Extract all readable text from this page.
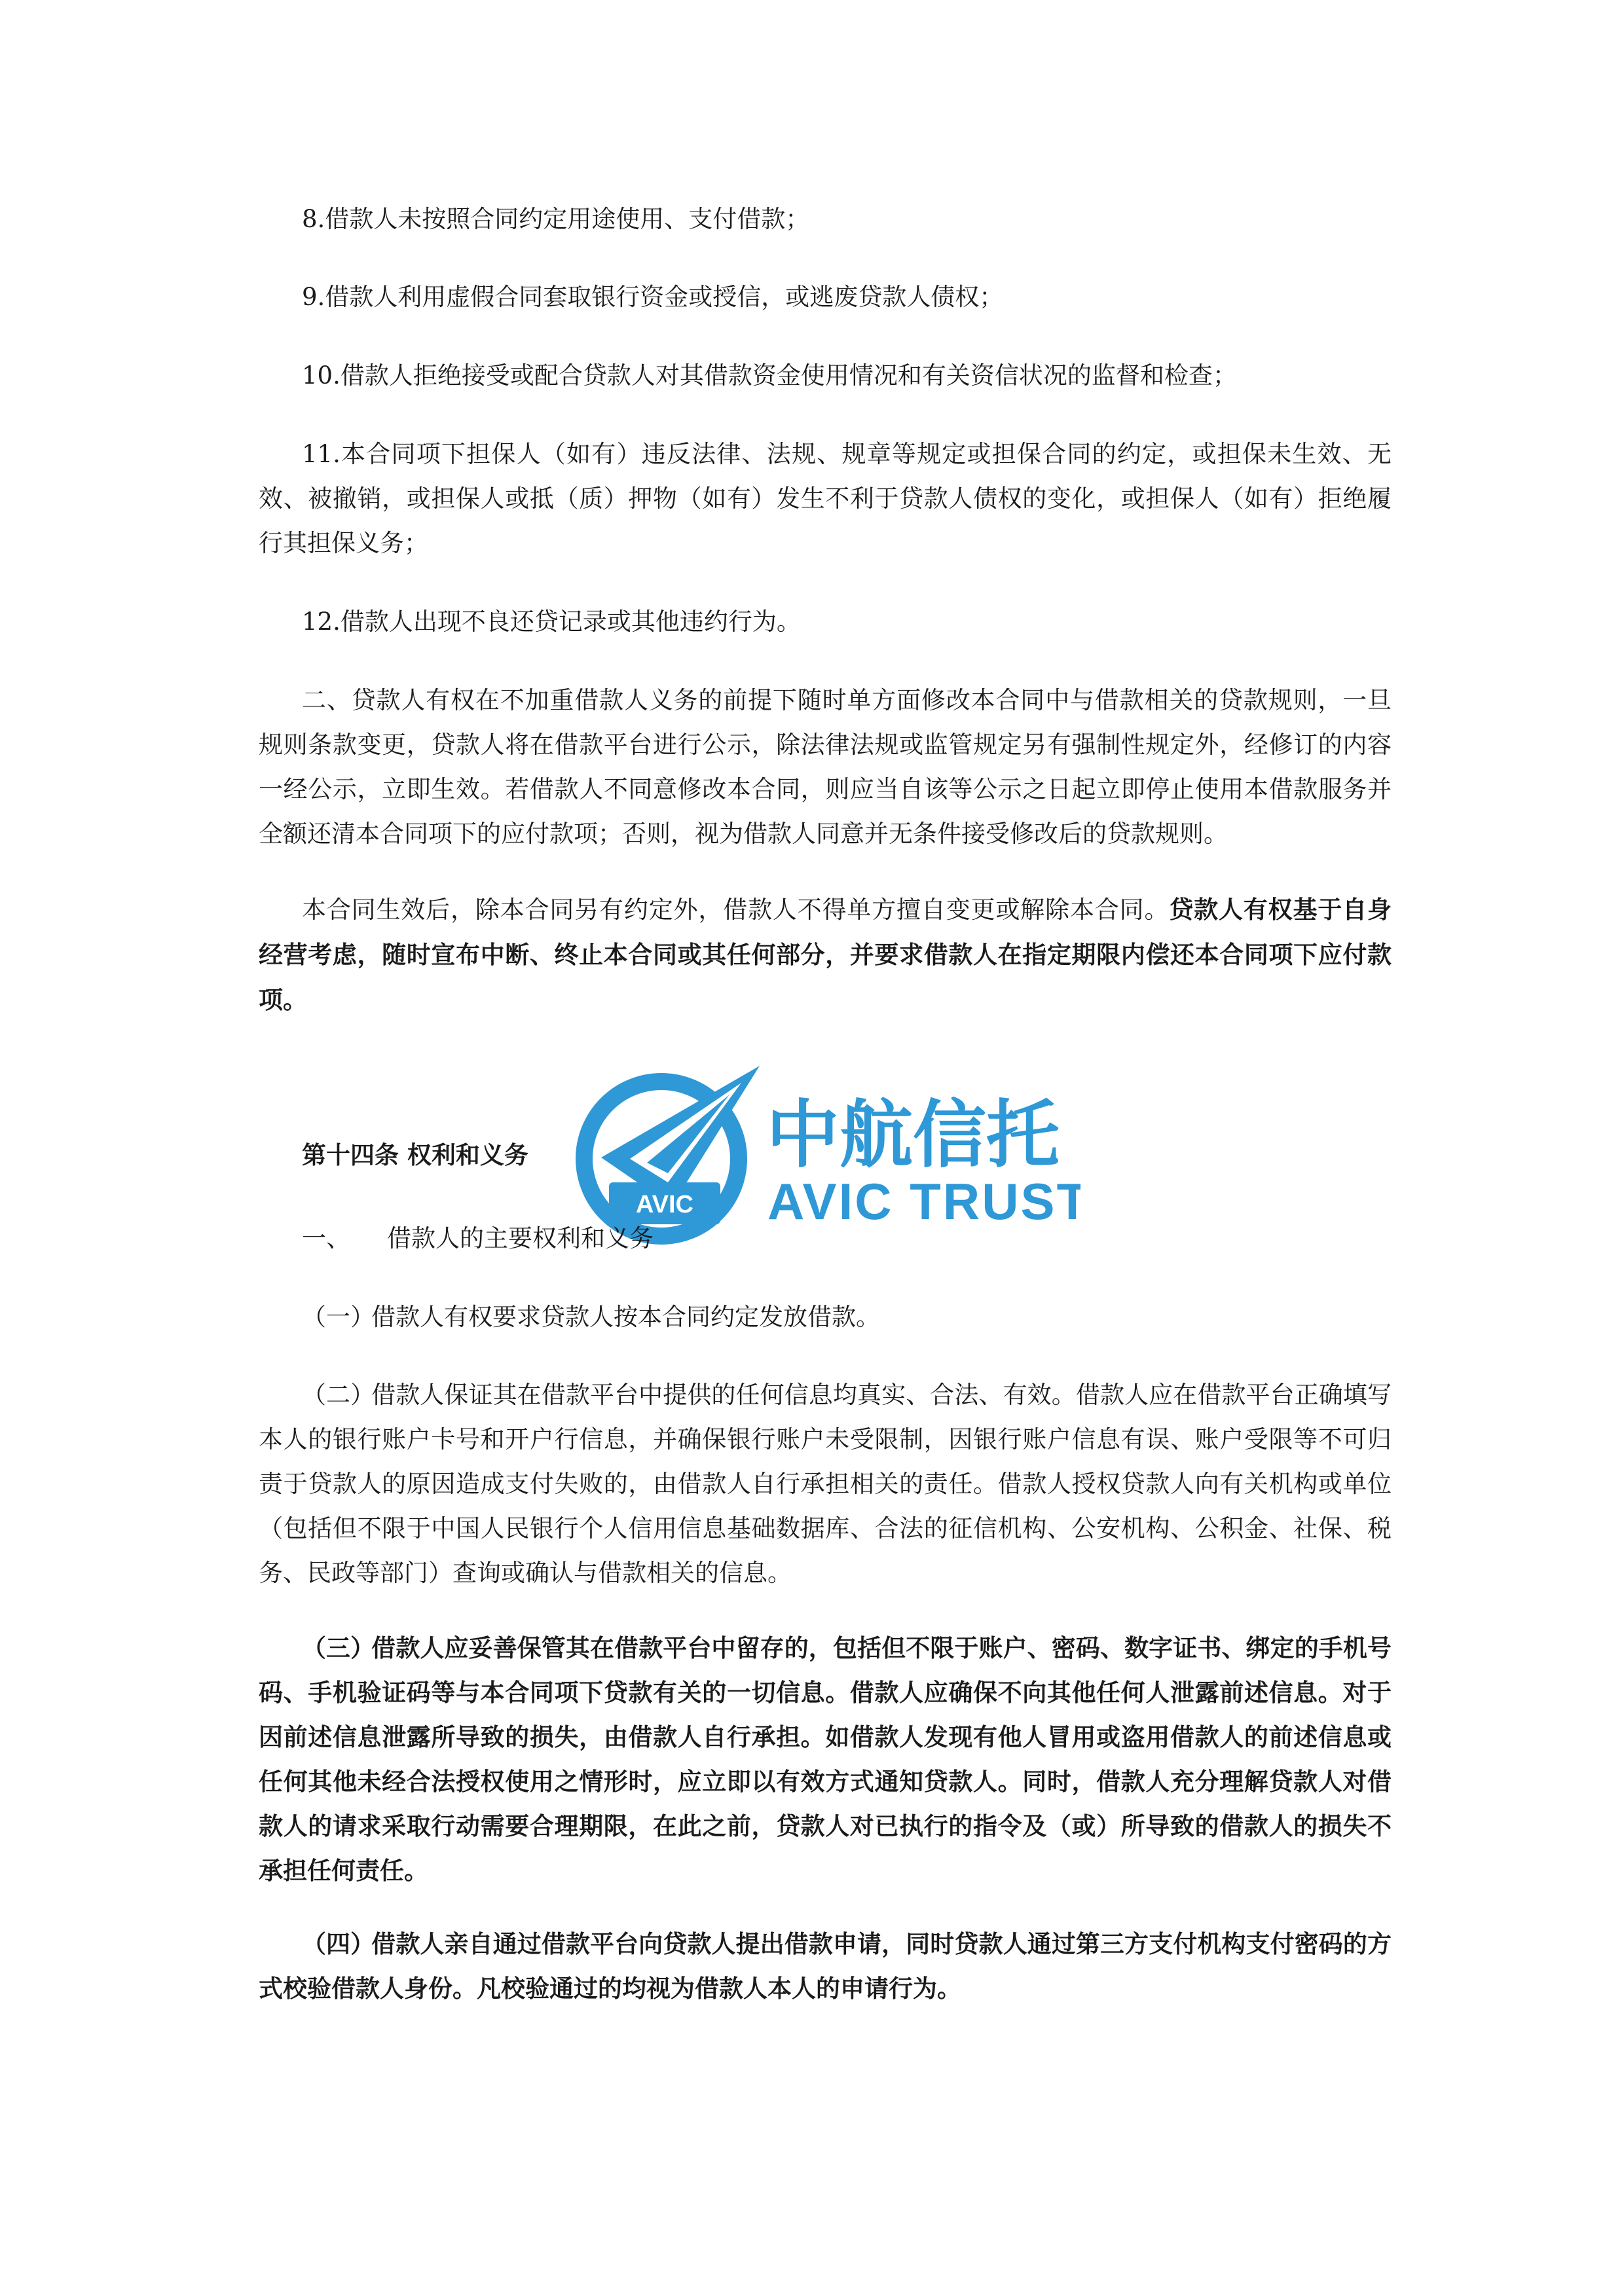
8.借款人未按照合同约定用途使用、支付借款；

9.借款人利用虚假合同套取银行资金或授信，或逃废贷款人债权；

10.借款人拒绝接受或配合贷款人对其借款资金使用情况和有关资信状况的监督和检查；

11.本合同项下担保人（如有）违反法律、法规、规章等规定或担保合同的约定，或担保未生效、无效、被撤销，或担保人或抵（质）押物（如有）发生不利于贷款人债权的变化，或担保人（如有）拒绝履行其担保义务；

12.借款人出现不良还贷记录或其他违约行为。

二、贷款人有权在不加重借款人义务的前提下随时单方面修改本合同中与借款相关的贷款规则，一旦规则条款变更，贷款人将在借款平台进行公示，除法律法规或监管规定另有强制性规定外，经修订的内容一经公示，立即生效。若借款人不同意修改本合同，则应当自该等公示之日起立即停止使用本借款服务并全额还清本合同项下的应付款项；否则，视为借款人同意并无条件接受修改后的贷款规则。

本合同生效后，除本合同另有约定外，借款人不得单方擅自变更或解除本合同。贷款人有权基于自身经营考虑，随时宣布中断、终止本合同或其任何部分，并要求借款人在指定期限内偿还本合同项下应付款项。

AVIC
中航信托
AVIC TRUST

第十四条 权利和义务

一、 借款人的主要权利和义务

（一）借款人有权要求贷款人按本合同约定发放借款。

（二）借款人保证其在借款平台中提供的任何信息均真实、合法、有效。借款人应在借款平台正确填写本人的银行账户卡号和开户行信息，并确保银行账户未受限制，因银行账户信息有误、账户受限等不可归责于贷款人的原因造成支付失败的，由借款人自行承担相关的责任。借款人授权贷款人向有关机构或单位（包括但不限于中国人民银行个人信用信息基础数据库、合法的征信机构、公安机构、公积金、社保、税务、民政等部门）查询或确认与借款相关的信息。

（三）借款人应妥善保管其在借款平台中留存的，包括但不限于账户、密码、数字证书、绑定的手机号码、手机验证码等与本合同项下贷款有关的一切信息。借款人应确保不向其他任何人泄露前述信息。对于因前述信息泄露所导致的损失，由借款人自行承担。如借款人发现有他人冒用或盗用借款人的前述信息或任何其他未经合法授权使用之情形时，应立即以有效方式通知贷款人。同时，借款人充分理解贷款人对借款人的请求采取行动需要合理期限，在此之前，贷款人对已执行的指令及（或）所导致的借款人的损失不承担任何责任。

（四）借款人亲自通过借款平台向贷款人提出借款申请，同时贷款人通过第三方支付机构支付密码的方式校验借款人身份。凡校验通过的均视为借款人本人的申请行为。
